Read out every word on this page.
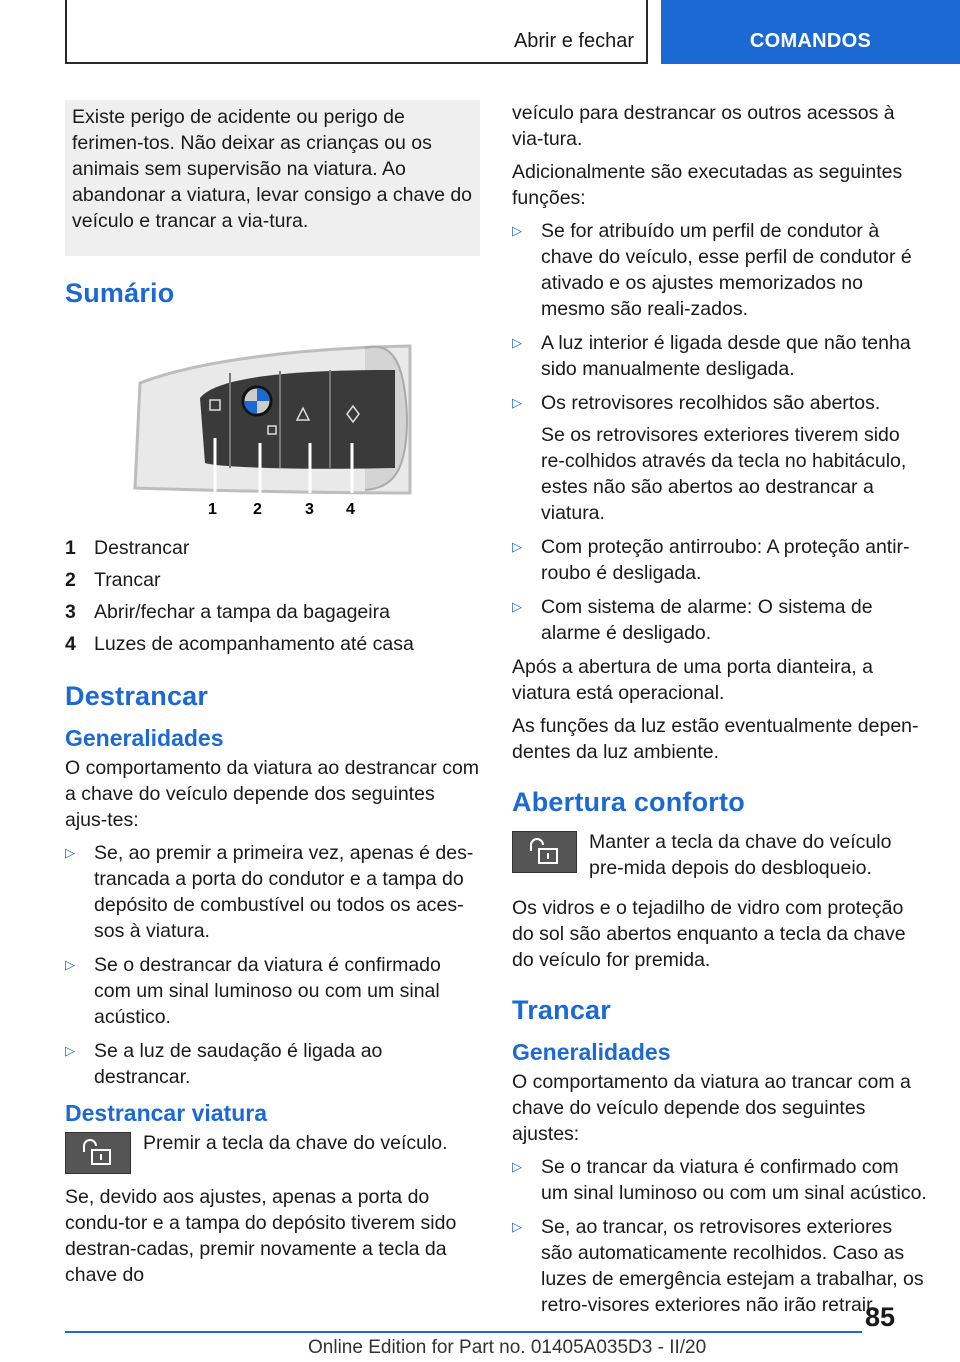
Abrir e fechar	COMANDOS

Existe perigo de acidente ou perigo de ferimen-tos. Não deixar as crianças ou os animais sem supervisão na viatura. Ao abandonar a viatura, levar consigo a chave do veículo e trancar a via-tura.

Sumário
1 2	3 4
1 Destrancar
2 Trancar
3 Abrir/fechar a tampa da bagageira
4 Luzes de acompanhamento até casa
Destrancar
Generalidades

O comportamento da viatura ao destrancar com a chave do veículo depende dos seguintes ajus-tes:

▷ Se, ao premir a primeira vez, apenas é des-trancada a porta do condutor e a tampa do depósito de combustível ou todos os aces-sos à viatura.
▷ Se o destrancar da viatura é confirmado com um sinal luminoso ou com um sinal acústico.
▷ Se a luz de saudação é ligada ao destrancar.
Destrancar viatura
Premir a tecla da chave do veículo.

Se, devido aos ajustes, apenas a porta do condu-tor e a tampa do depósito tiverem sido destran-cadas, premir novamente a tecla da chave do

veículo para destrancar os outros acessos à via-tura.

Adicionalmente são executadas as seguintes funções:

▷ Se for atribuído um perfil de condutor à chave do veículo, esse perfil de condutor é ativado e os ajustes memorizados no mesmo são reali-zados.
▷ A luz interior é ligada desde que não tenha sido manualmente desligada.
▷ Os retrovisores recolhidos são abertos.
Se os retrovisores exteriores tiverem sido re-colhidos através da tecla no habitáculo, estes não são abertos ao destrancar a viatura.
▷ Com proteção antirroubo: A proteção antir-roubo é desligada.
▷ Com sistema de alarme: O sistema de alarme é desligado.

Após a abertura de uma porta dianteira, a viatura está operacional.

As funções da luz estão eventualmente depen-dentes da luz ambiente.

Abertura conforto
Manter a tecla da chave do veículo pre-mida depois do desbloqueio.

Os vidros e o tejadilho de vidro com proteção do sol são abertos enquanto a tecla da chave do veículo for premida.

Trancar
Generalidades

O comportamento da viatura ao trancar com a chave do veículo depende dos seguintes ajustes:

▷ Se o trancar da viatura é confirmado com um sinal luminoso ou com um sinal acústico.
▷ Se, ao trancar, os retrovisores exteriores são automaticamente recolhidos. Caso as luzes de emergência estejam a trabalhar, os retro-visores exteriores não irão retrair.
85
Online Edition for Part no. 01405A035D3 - II/20
